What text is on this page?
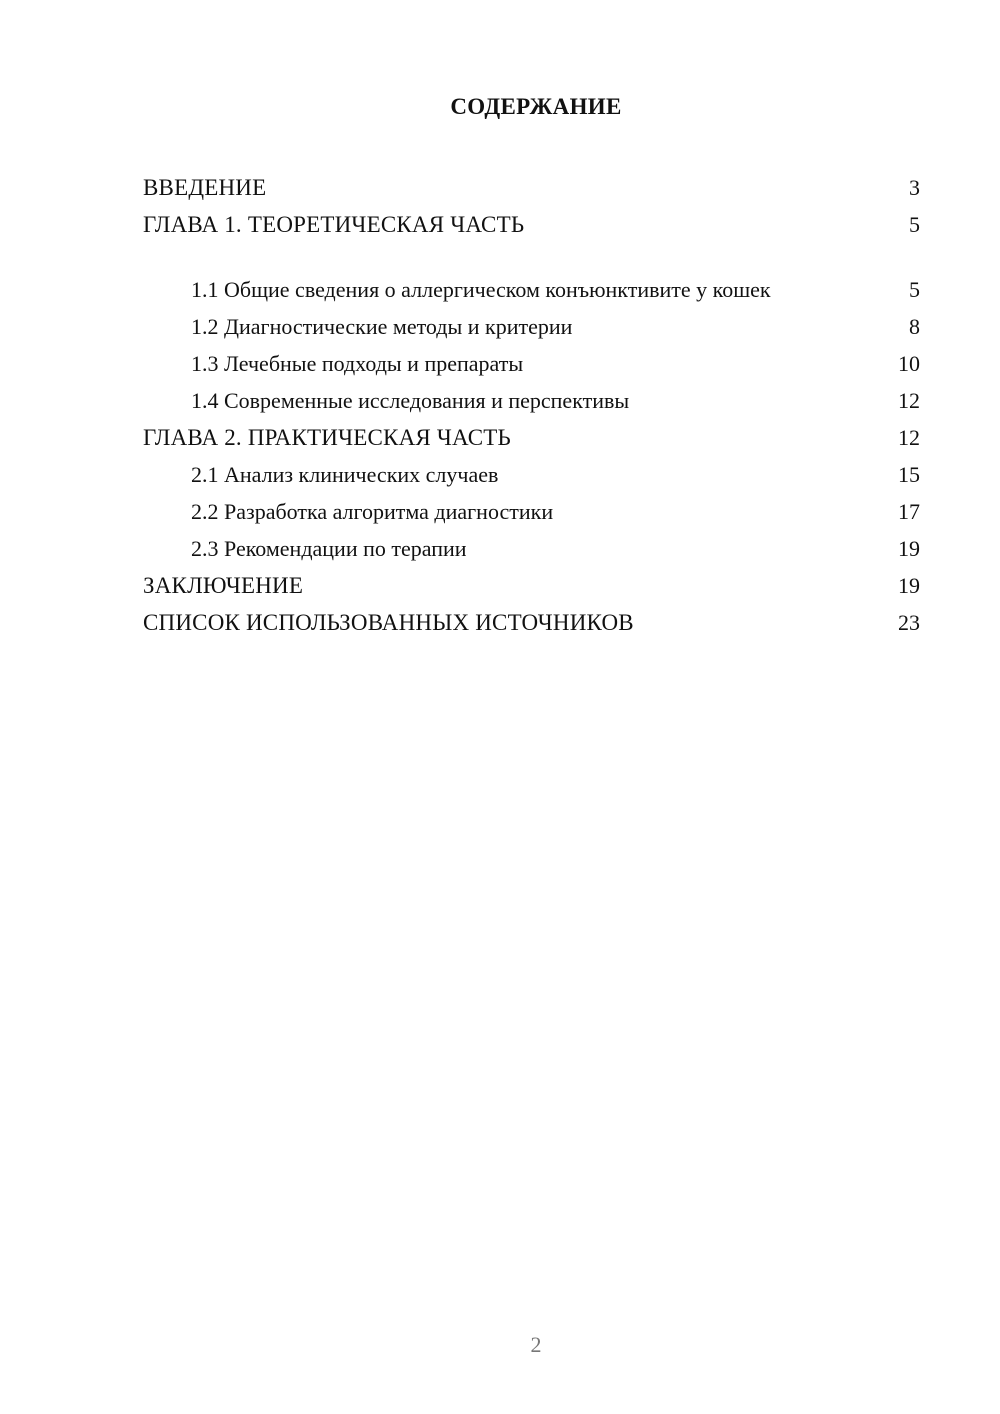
СОДЕРЖАНИЕ
ВВЕДЕНИЕ	3
ГЛАВА 1. ТЕОРЕТИЧЕСКАЯ ЧАСТЬ	5
1.1 Общие сведения о аллергическом конъюнктивите у кошек	5
1.2 Диагностические методы и критерии	8
1.3 Лечебные подходы и препараты	10
1.4 Современные исследования и перспективы	12
ГЛАВА 2. ПРАКТИЧЕСКАЯ ЧАСТЬ	12
2.1 Анализ клинических случаев	15
2.2 Разработка алгоритма диагностики	17
2.3 Рекомендации по терапии	19
ЗАКЛЮЧЕНИЕ	19
СПИСОК ИСПОЛЬЗОВАННЫХ ИСТОЧНИКОВ	23
2
